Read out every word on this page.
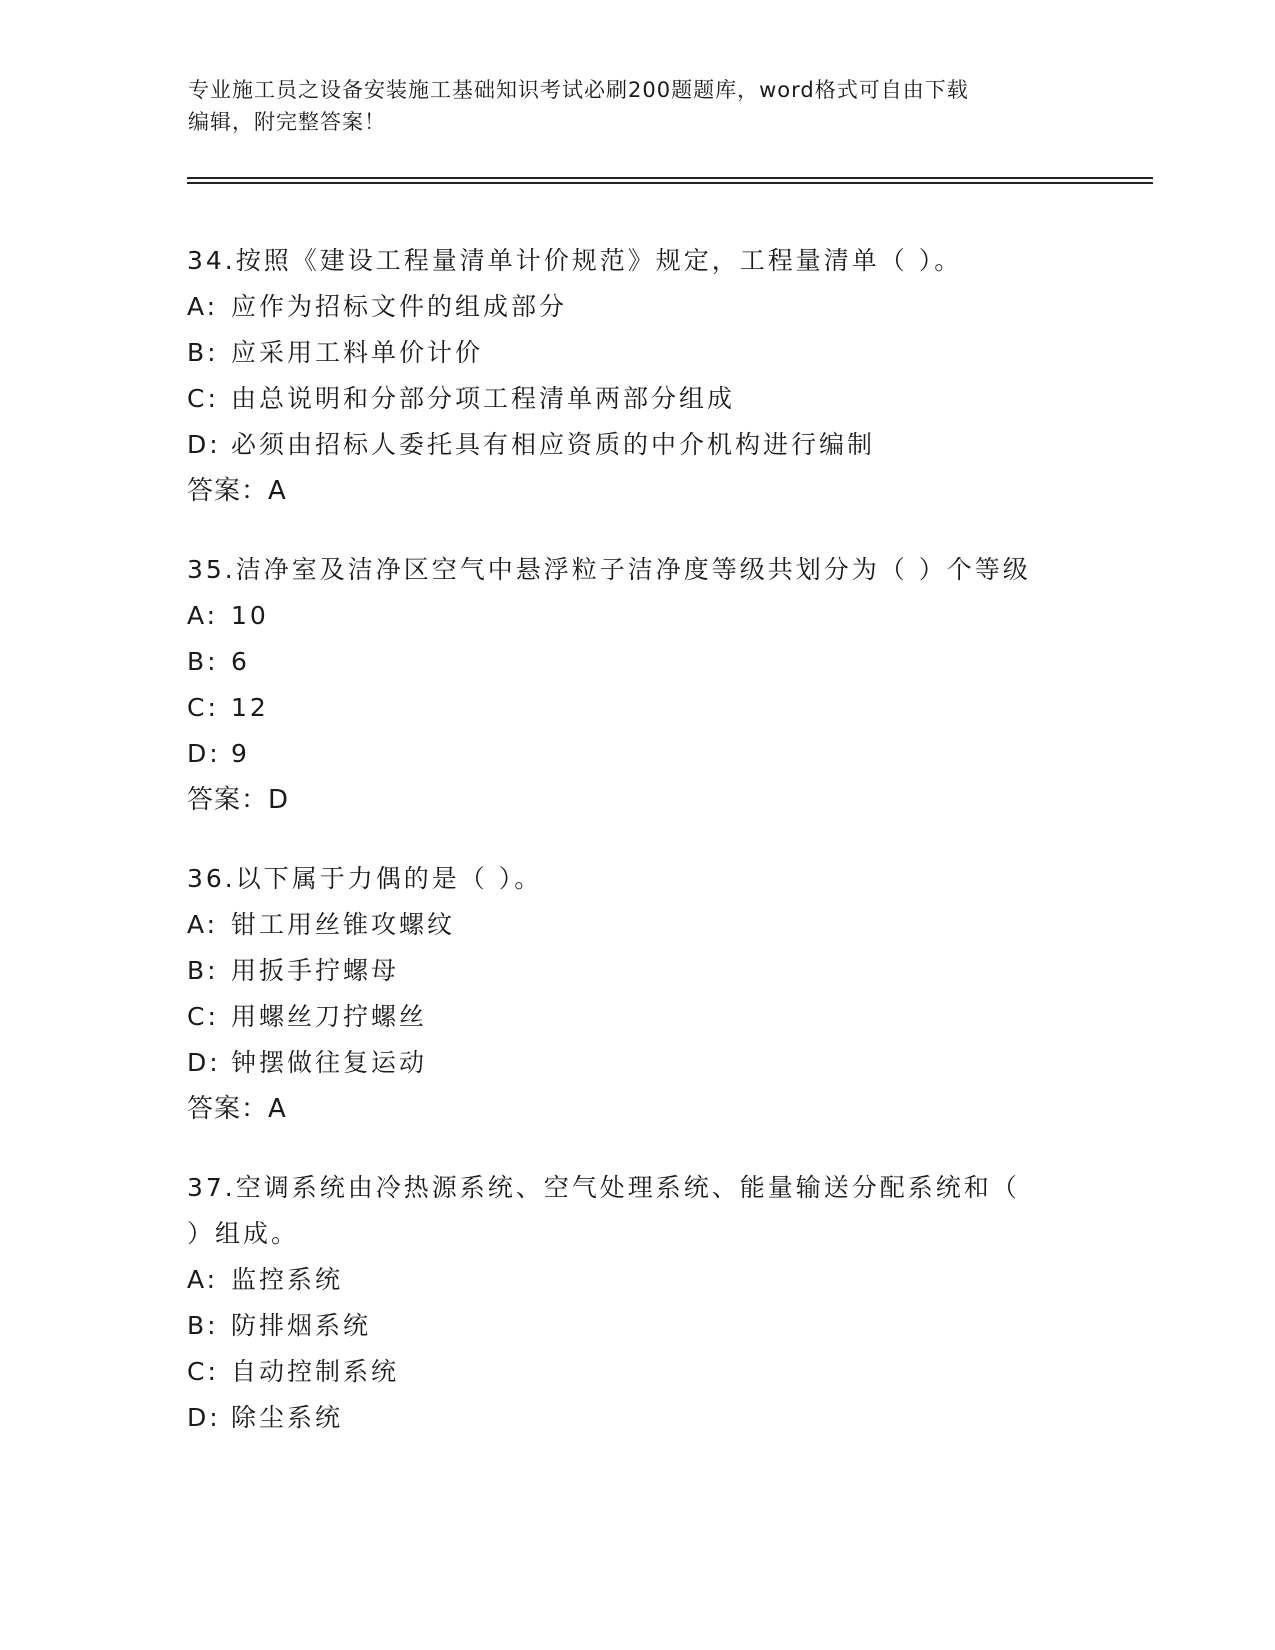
专业施工员之设备安装施工基础知识考试必刷200题题库，word格式可自由下载
编辑，附完整答案！

34.按照《建设工程量清单计价规范》规定，工程量清单（ ）。

A: 应作为招标文件的组成部分

B: 应采用工料单价计价

C: 由总说明和分部分项工程清单两部分组成

D: 必须由招标人委托具有相应资质的中介机构进行编制

答案：A

35.洁净室及洁净区空气中悬浮粒子洁净度等级共划分为（ ）个等级

A: 10

B: 6

C: 12

D: 9

答案：D

36.以下属于力偶的是（ ）。

A: 钳工用丝锥攻螺纹

B: 用扳手拧螺母

C: 用螺丝刀拧螺丝

D: 钟摆做往复运动

答案：A

37.空调系统由冷热源系统、空气处理系统、能量输送分配系统和（

）组成。

A: 监控系统

B: 防排烟系统

C: 自动控制系统

D: 除尘系统
